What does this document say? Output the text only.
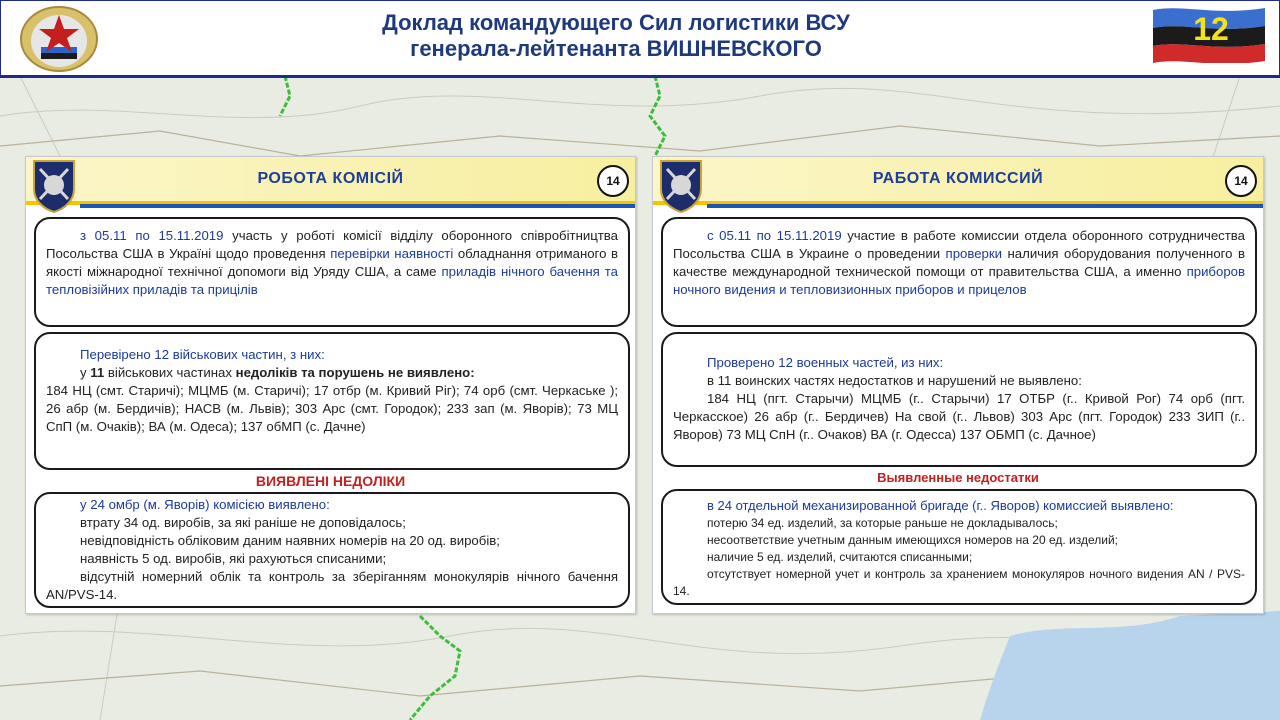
Доклад командующего Сил логистики ВСУ
генерала-лейтенанта ВИШНЕВСКОГО
12
РОБОТА КОМІСІЙ	14

з 05.11 по 15.11.2019 участь у роботі комісії відділу оборонного співробітництва Посольства США в Україні щодо проведення перевірки наявності обладнання отриманого в якості міжнародної технічної допомоги від Уряду США, а саме приладів нічного бачення та тепловізійних приладів та прицілів

Перевірено 12 військових частин, з них:

у 11 військових частинах недоліків та порушень не виявлено:

184 НЦ (смт. Старичі); МЦМБ (м. Старичі); 17 отбр (м. Кривий Ріг); 74 орб (смт. Черкаське ); 26 абр (м. Бердичів); НАСВ (м. Львів); 303 Арс (смт. Городок); 233 зап (м. Яворів); 73 МЦ СпП (м. Очаків); ВА (м. Одеса); 137 обМП (с. Дачне)

ВИЯВЛЕНІ НЕДОЛІКИ

у 24 омбр (м. Яворів) комісією виявлено:

втрату 34 од. виробів, за які раніше не доповідалось;

невідповідність обліковим даним наявних номерів на 20 од. виробів;

наявність 5 од. виробів, які рахуються списаними;

відсутній номерний облік та контроль за зберіганням монокулярів нічного бачення AN/PVS-14.

РАБОТА КОМИССИЙ	14

с 05.11 по 15.11.2019 участие в работе комиссии отдела оборонного сотрудничества Посольства США в Украине о проведении проверки наличия оборудования полученного в качестве международной технической помощи от правительства США, а именно приборов ночного видения и тепловизионных приборов и прицелов

Проверено 12 военных частей, из них:

в 11 воинских частях недостатков и нарушений не выявлено:

184 НЦ (пгт. Старычи) МЦМБ (г.. Старычи) 17 ОТБР (г.. Кривой Рог) 74 орб (пгт. Черкасское) 26 абр (г.. Бердичев) На свой (г.. Львов) 303 Арс (пгт. Городок) 233 ЗИП (г.. Яворов) 73 МЦ СпН (г.. Очаков) ВА (г. Одесса) 137 ОБМП (с. Дачное)

Выявленные недостатки

в 24 отдельной механизированной бригаде (г.. Яворов) комиссией выявлено:

потерю 34 ед. изделий, за которые раньше не докладывалось;

несоответствие учетным данным имеющихся номеров на 20 ед. изделий;

наличие 5 ед. изделий, считаются списанными;

отсутствует номерной учет и контроль за хранением монокуляров ночного видения AN / PVS-14.
